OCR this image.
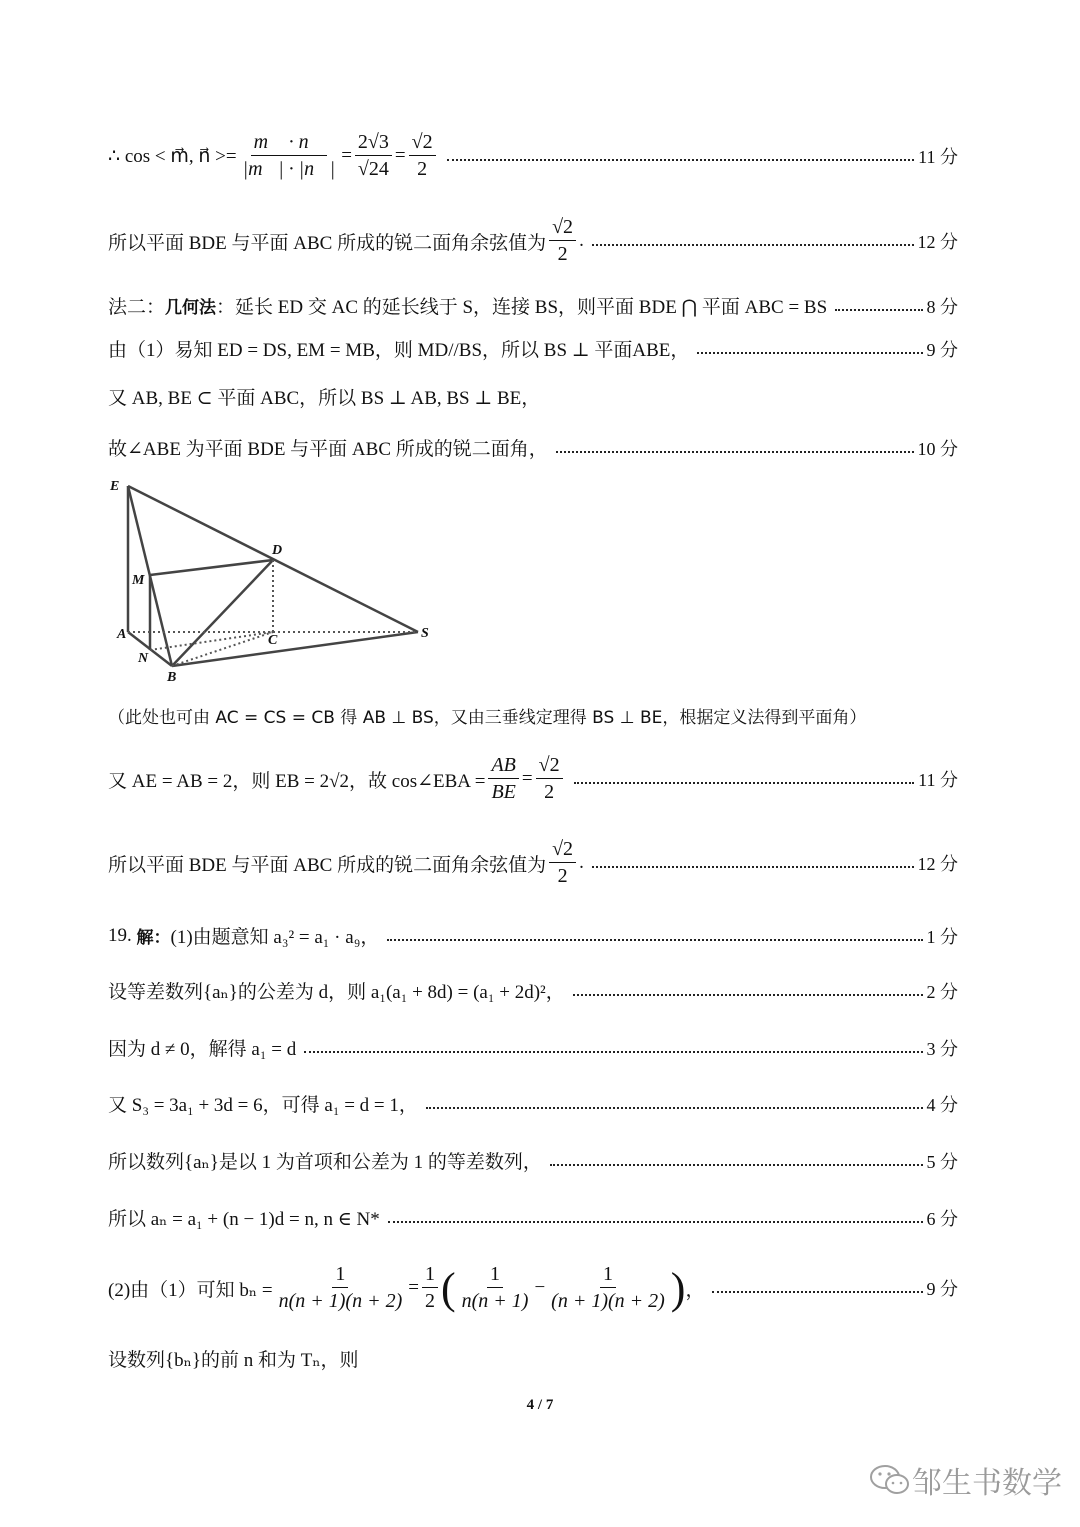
∴ cos < m⃗, n⃗ >= $\frac{m⃗ \cdot n⃗}{|m⃗| \cdot |n⃗|} = \frac{2√3}{√24} = \frac{√2}{2}$	11 分
所以平面 BDE 与平面 ABC 所成的锐二面角余弦值为 $\frac{√2}{2}$ .	12 分
法二： 几何法 ：延长 ED 交 AC 的延长线于 S，连接 BS，则平面 BDE ⋂ 平面 ABC = BS	8 分
由（1）易知 ED = DS, EM = MB，则 MD//BS，所以 BS ⊥ 平面ABE，	9 分
又 AB, BE ⊂ 平面 ABC，所以 BS ⊥ AB, BS ⊥ BE，
故∠ABE 为平面 BDE 与平面 ABC 所成的锐二面角，	10 分
E
D
M
A	C	S
N
B
（此处也可由 AC = CS = CB 得 AB ⊥ BS，又由三垂线定理得 BS ⊥ BE，根据定义法得到平面角）
又 AE = AB = 2，则 EB = 2√2，故 cos∠EBA = $\frac{AB}{BE} = \frac{√2}{2}$	11 分
所以平面 BDE 与平面 ABC 所成的锐二面角余弦值为 $\frac{√2}{2}$ .	12 分
19.
解： (1)由题意知 a₃² = a₁ · a₉，	1 分
设等差数列{aₙ}的公差为 d，则 a₁(a₁ + 8d) = (a₁ + 2d)²，	2 分
因为 d ≠ 0，解得 a₁ = d	3 分
又 S₃ = 3a₁ + 3d = 6，可得 a₁ = d = 1，	4 分
所以数列{aₙ}是以 1 为首项和公差为 1 的等差数列，	5 分
所以 aₙ = a₁ + (n − 1)d = n, n ∈ N*	6 分
(2)由（1）可知 $b_n = \frac{1}{n(n + 1)(n + 2)} = \frac{1}{2}$ ( $\frac{1}{n(n + 1)} - \frac{1}{(n + 1)(n + 2)}$ ) ，	9 分
设数列{bₙ}的前 n 和为 Tₙ，则
4 / 7
邹生书数学
